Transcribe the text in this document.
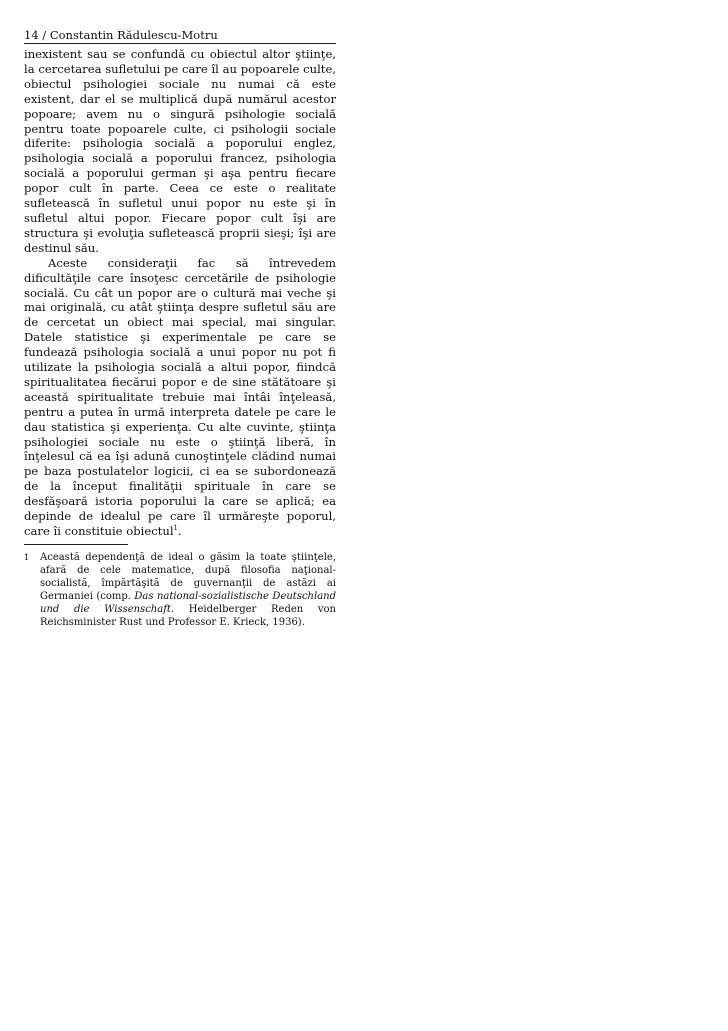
14 / Constantin Rădulescu-Motru

inexistent sau se confundă cu obiectul altor ştiinţe, la cercetarea sufletului pe care îl au popoarele culte, obiectul psihologiei sociale nu numai că este existent, dar el se multiplică după numărul acestor popoare; avem nu o singură psihologie socială pentru toate popoarele culte, ci psihologii sociale diferite: psihologia socială a poporului englez, psihologia socială a poporului francez, psihologia socială a poporului german şi aşa pentru fiecare popor cult în parte. Ceea ce este o realitate sufletească în sufletul unui popor nu este şi în sufletul altui popor. Fiecare popor cult îşi are structura şi evoluţia sufletească proprii sieşi; îşi are destinul său.

Aceste consideraţii fac să întrevedem dificultăţile care însoţesc cercetările de psihologie socială. Cu cât un popor are o cultură mai veche şi mai originală, cu atât ştiinţa despre sufletul său are de cercetat un obiect mai special, mai singular. Datele statistice şi experimentale pe care se fundează psihologia socială a unui popor nu pot fi utilizate la psihologia socială a altui popor, fiindcă spiritualitatea fiecărui popor e de sine stătătoare şi această spiritualitate trebuie mai întâi înţeleasă, pentru a putea în urmă interpreta datele pe care le dau statistica şi experienţa. Cu alte cuvinte, ştiinţa psihologiei sociale nu este o ştiinţă liberă, în înţelesul că ea îşi adună cunoştinţele clădind numai pe baza postulatelor logicii, ci ea se subordonează de la început finalităţii spirituale în care se desfăşoară istoria poporului la care se aplică; ea depinde de idealul pe care îl urmăreşte poporul, care îi constituie obiectul$^1$.

1 Această dependenţă de ideal o găsim la toate ştiinţele, afară de cele matematice, după filosofia naţional-socialistă, împărtăşită de guvernanţii de astăzi ai Germaniei (comp. Das national-sozialistische Deutschland und die Wissenschaft. Heidelberger Reden von Reichsminister Rust und Professor E. Krieck, 1936).
